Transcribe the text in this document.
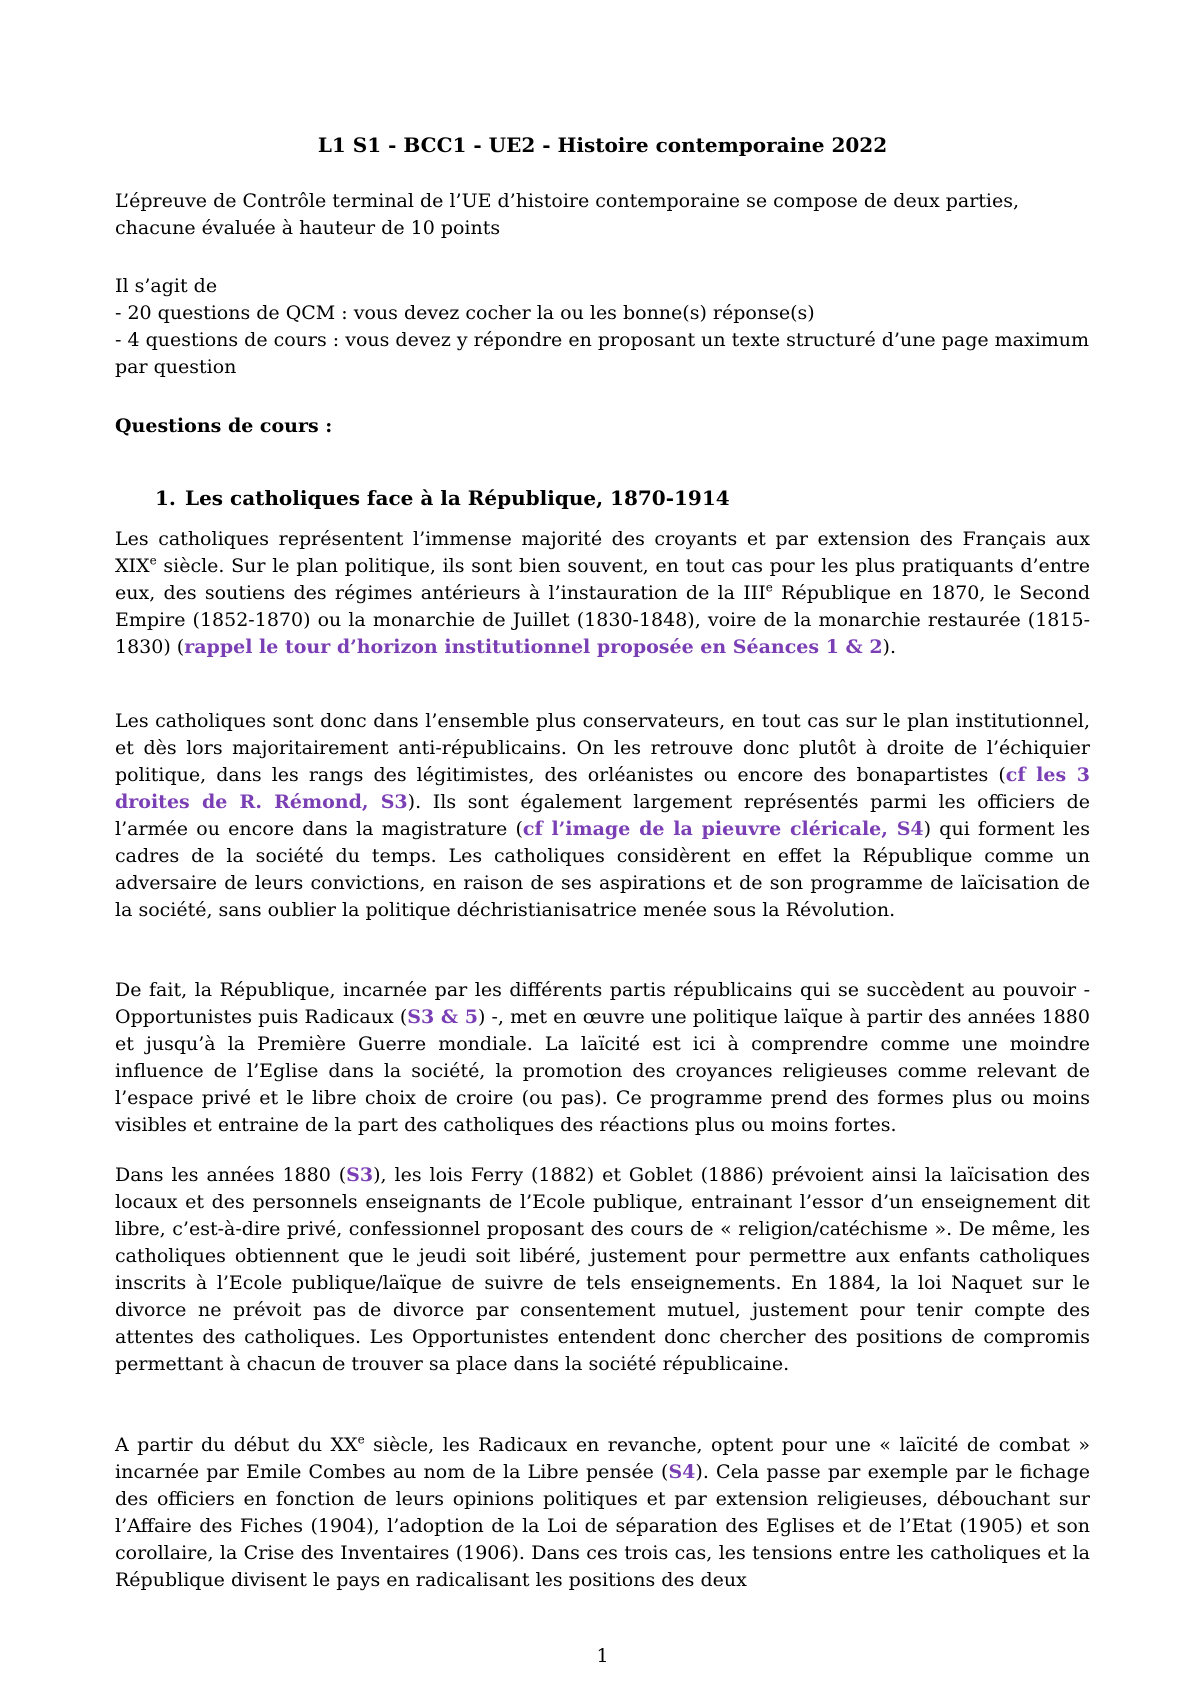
L1 S1 - BCC1 - UE2 - Histoire contemporaine 2022

L’épreuve de Contrôle terminal de l’UE d’histoire contemporaine se compose de deux parties, chacune évaluée à hauteur de 10 points

Il s’agit de

- 20 questions de QCM : vous devez cocher la ou les bonne(s) réponse(s)

- 4 questions de cours : vous devez y répondre en proposant un texte structuré d’une page maximum par question

Questions de cours :

1. Les catholiques face à la République, 1870-1914

Les catholiques représentent l’immense majorité des croyants et par extension des Français aux XIXe siècle. Sur le plan politique, ils sont bien souvent, en tout cas pour les plus pratiquants d’entre eux, des soutiens des régimes antérieurs à l’instauration de la IIIe République en 1870, le Second Empire (1852-1870) ou la monarchie de Juillet (1830-1848), voire de la monarchie restaurée (1815-1830) (rappel le tour d’horizon institutionnel proposée en Séances 1 & 2).

Les catholiques sont donc dans l’ensemble plus conservateurs, en tout cas sur le plan institutionnel, et dès lors majoritairement anti-républicains. On les retrouve donc plutôt à droite de l’échiquier politique, dans les rangs des légitimistes, des orléanistes ou encore des bonapartistes (cf les 3 droites de R. Rémond, S3). Ils sont également largement représentés parmi les officiers de l’armée ou encore dans la magistrature (cf l’image de la pieuvre cléricale, S4) qui forment les cadres de la société du temps. Les catholiques considèrent en effet la République comme un adversaire de leurs convictions, en raison de ses aspirations et de son programme de laïcisation de la société, sans oublier la politique déchristianisatrice menée sous la Révolution.

De fait, la République, incarnée par les différents partis républicains qui se succèdent au pouvoir - Opportunistes puis Radicaux (S3 & 5) -, met en œuvre une politique laïque à partir des années 1880 et jusqu’à la Première Guerre mondiale. La laïcité est ici à comprendre comme une moindre influence de l’Eglise dans la société, la promotion des croyances religieuses comme relevant de l’espace privé et le libre choix de croire (ou pas). Ce programme prend des formes plus ou moins visibles et entraine de la part des catholiques des réactions plus ou moins fortes.

Dans les années 1880 (S3), les lois Ferry (1882) et Goblet (1886) prévoient ainsi la laïcisation des locaux et des personnels enseignants de l’Ecole publique, entrainant l’essor d’un enseignement dit libre, c’est-à-dire privé, confessionnel proposant des cours de « religion/catéchisme ». De même, les catholiques obtiennent que le jeudi soit libéré, justement pour permettre aux enfants catholiques inscrits à l’Ecole publique/laïque de suivre de tels enseignements. En 1884, la loi Naquet sur le divorce ne prévoit pas de divorce par consentement mutuel, justement pour tenir compte des attentes des catholiques. Les Opportunistes entendent donc chercher des positions de compromis permettant à chacun de trouver sa place dans la société républicaine.

A partir du début du XXe siècle, les Radicaux en revanche, optent pour une « laïcité de combat » incarnée par Emile Combes au nom de la Libre pensée (S4). Cela passe par exemple par le fichage des officiers en fonction de leurs opinions politiques et par extension religieuses, débouchant sur l’Affaire des Fiches (1904), l’adoption de la Loi de séparation des Eglises et de l’Etat (1905) et son corollaire, la Crise des Inventaires (1906). Dans ces trois cas, les tensions entre les catholiques et la République divisent le pays en radicalisant les positions des deux

1
